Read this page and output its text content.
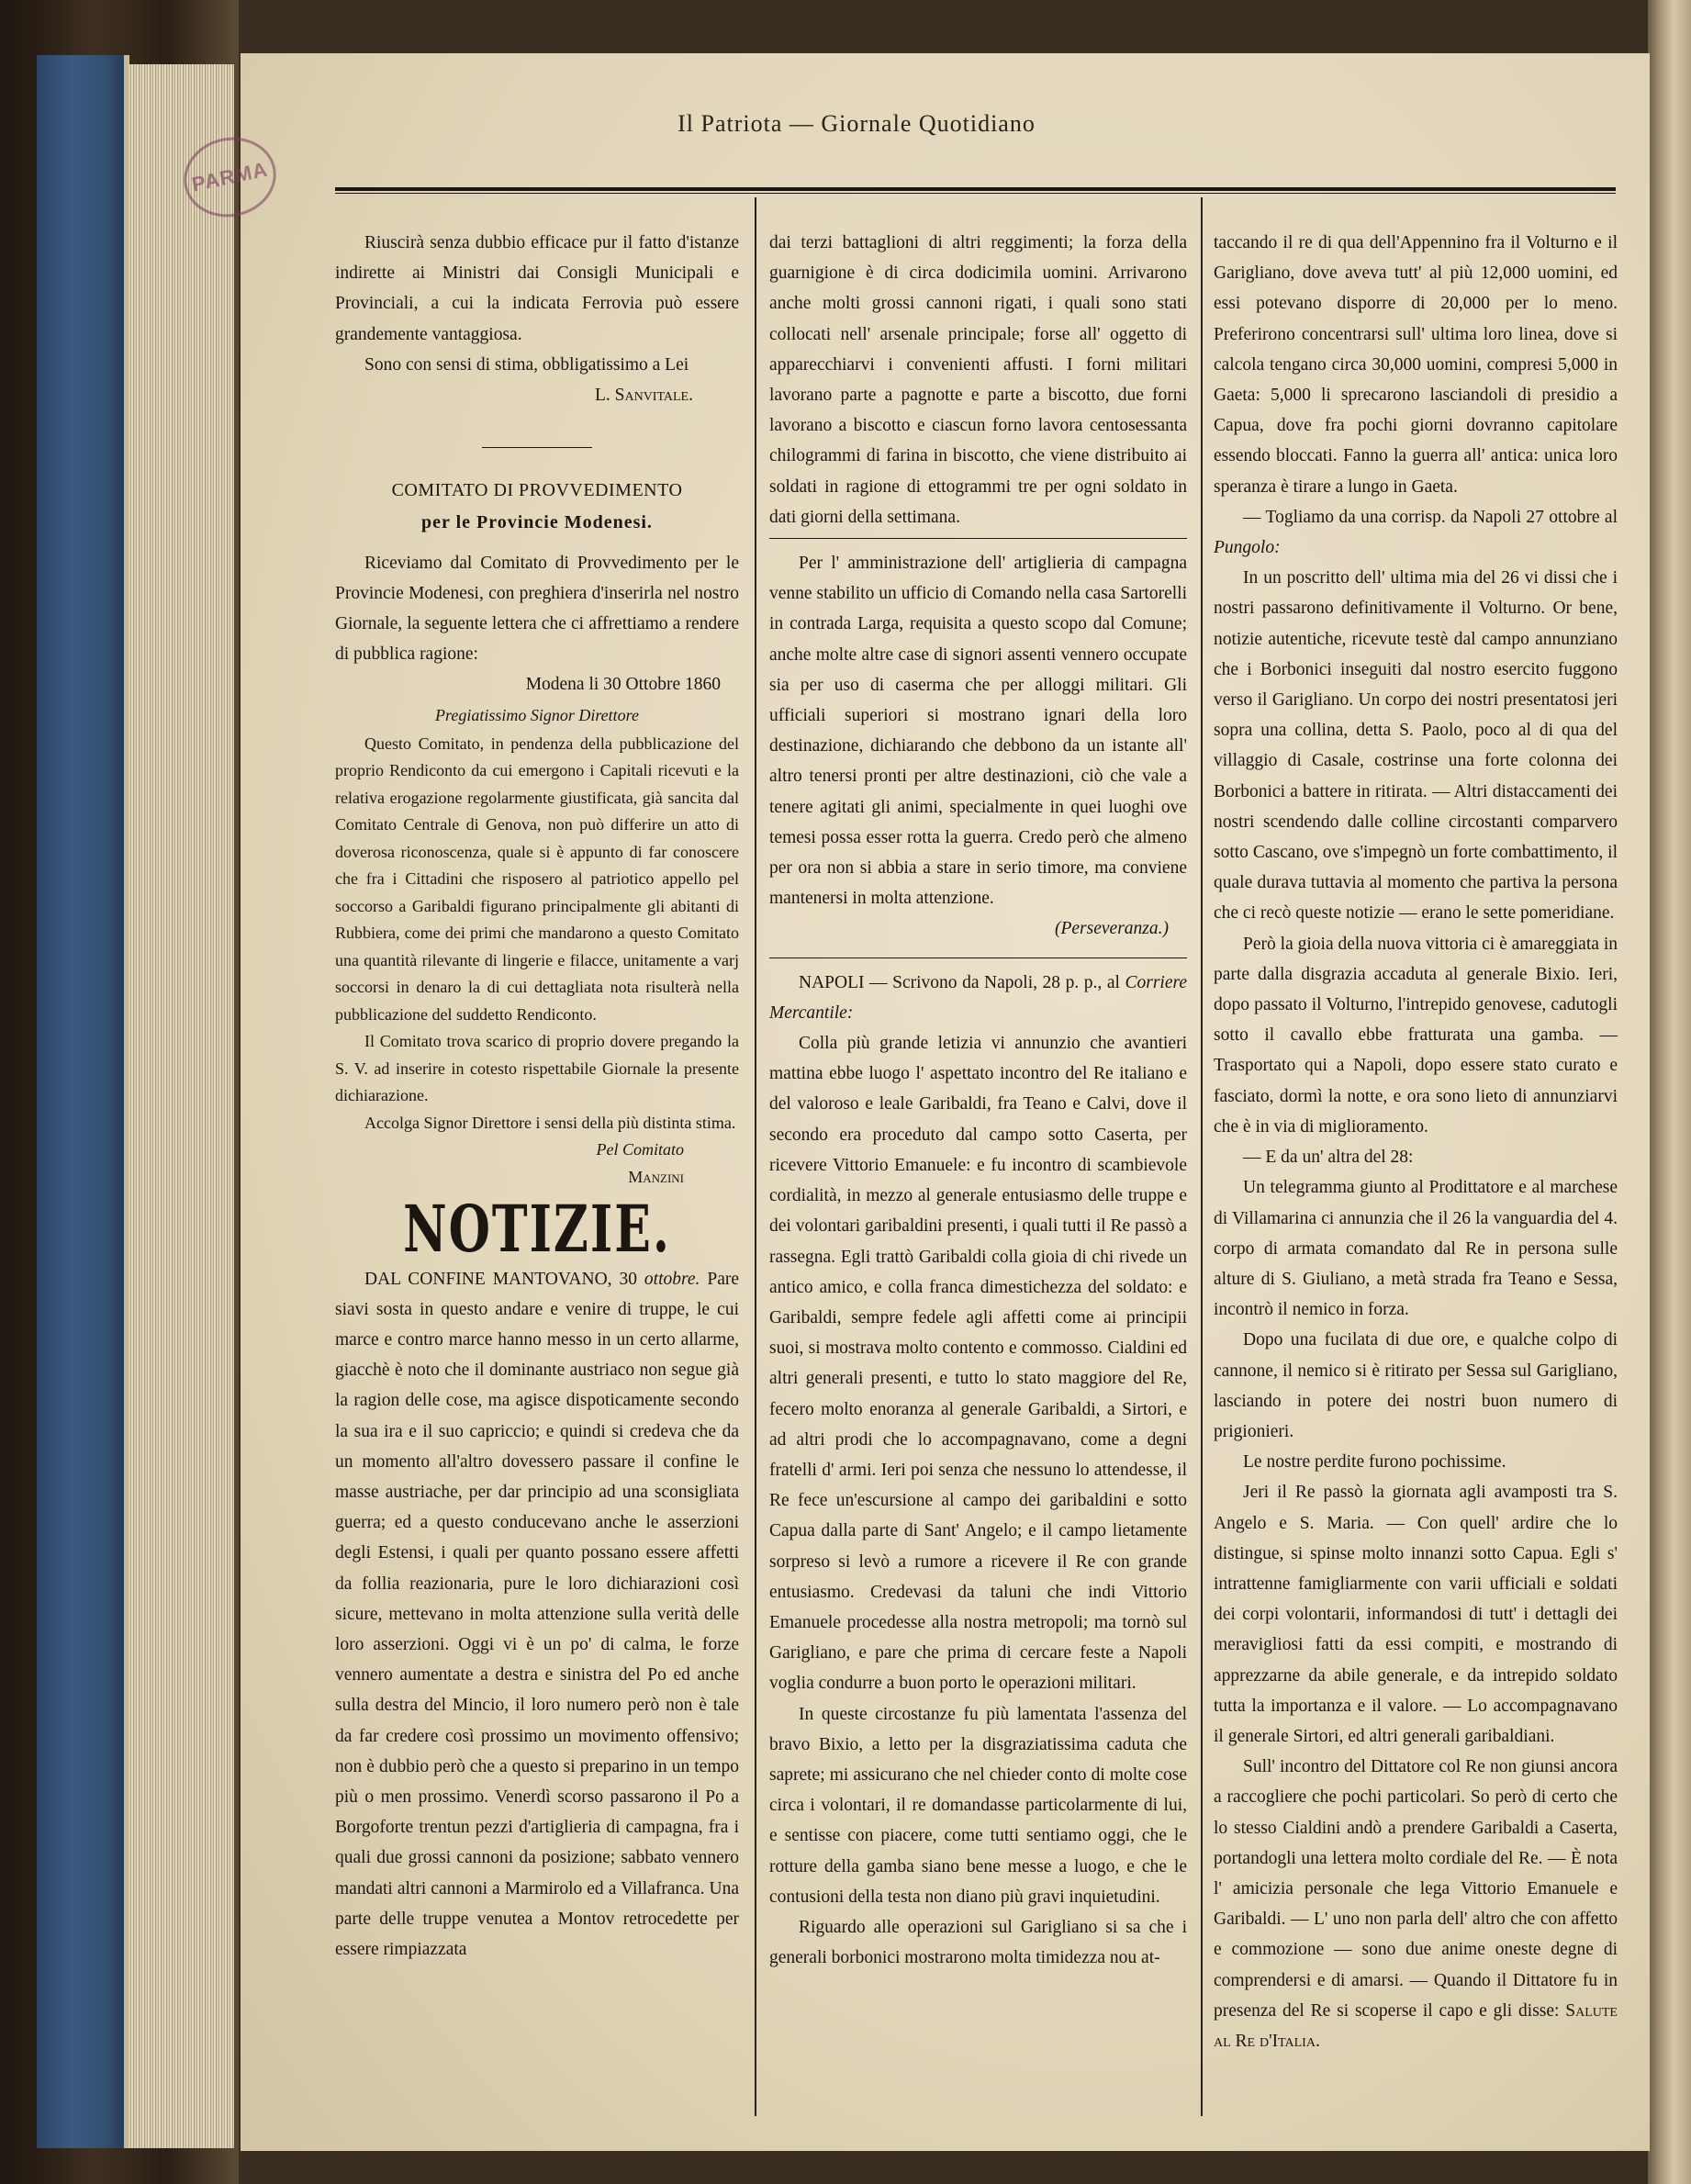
PARMA
Il Patriota — Giornale Quotidiano

Riuscirà senza dubbio efficace pur il fatto d'istanze indirette ai Ministri dai Consigli Municipali e Provinciali, a cui la indicata Ferrovia può essere grandemente vantaggiosa.

Sono con sensi di stima, obbligatissimo a Lei

L. Sanvitale.

COMITATO DI PROVVEDIMENTO
per le Provincie Modenesi.

Riceviamo dal Comitato di Provvedimento per le Provincie Modenesi, con preghiera d'inserirla nel nostro Giornale, la seguente lettera che ci affrettiamo a rendere di pubblica ragione:

Modena li 30 Ottobre 1860

Pregiatissimo Signor Direttore

Questo Comitato, in pendenza della pubblicazione del proprio Rendiconto da cui emergono i Capitali ricevuti e la relativa erogazione regolarmente giustificata, già sancita dal Comitato Centrale di Genova, non può differire un atto di doverosa riconoscenza, quale si è appunto di far conoscere che fra i Cittadini che risposero al patriotico appello pel soccorso a Garibaldi figurano principalmente gli abitanti di Rubbiera, come dei primi che mandarono a questo Comitato una quantità rilevante di lingerie e filacce, unitamente a varj soccorsi in denaro la di cui dettagliata nota risulterà nella pubblicazione del suddetto Rendiconto.

Il Comitato trova scarico di proprio dovere pregando la S. V. ad inserire in cotesto rispettabile Giornale la presente dichiarazione.

Accolga Signor Direttore i sensi della più distinta stima.

Pel Comitato

Manzini

NOTIZIE.

DAL CONFINE MANTOVANO, 30 ottobre. Pare siavi sosta in questo andare e venire di truppe, le cui marce e contro marce hanno messo in un certo allarme, giacchè è noto che il dominante austriaco non segue già la ragion delle cose, ma agisce dispoticamente secondo la sua ira e il suo capriccio; e quindi si credeva che da un momento all'altro dovessero passare il confine le masse austriache, per dar principio ad una sconsigliata guerra; ed a questo conducevano anche le asserzioni degli Estensi, i quali per quanto possano essere affetti da follia reazionaria, pure le loro dichiarazioni così sicure, mettevano in molta attenzione sulla verità delle loro asserzioni. Oggi vi è un po' di calma, le forze vennero aumentate a destra e sinistra del Po ed anche sulla destra del Mincio, il loro numero però non è tale da far credere così prossimo un movimento offensivo; non è dubbio però che a questo si preparino in un tempo più o men prossimo. Venerdì scorso passarono il Po a Borgoforte trentun pezzi d'artiglieria di campagna, fra i quali due grossi cannoni da posizione; sabbato vennero mandati altri cannoni a Marmirolo ed a Villafranca. Una parte delle truppe venutea a Montov retrocedette per essere rimpiazzata

dai terzi battaglioni di altri reggimenti; la forza della guarnigione è di circa dodicimila uomini. Arrivarono anche molti grossi cannoni rigati, i quali sono stati collocati nell' arsenale principale; forse all' oggetto di apparecchiarvi i convenienti affusti. I forni militari lavorano parte a pagnotte e parte a biscotto, due forni lavorano a biscotto e ciascun forno lavora centosessanta chilogrammi di farina in biscotto, che viene distribuito ai soldati in ragione di ettogrammi tre per ogni soldato in dati giorni della settimana.

Per l' amministrazione dell' artiglieria di campagna venne stabilito un ufficio di Comando nella casa Sartorelli in contrada Larga, requisita a questo scopo dal Comune; anche molte altre case di signori assenti vennero occupate sia per uso di caserma che per alloggi militari. Gli ufficiali superiori si mostrano ignari della loro destinazione, dichiarando che debbono da un istante all' altro tenersi pronti per altre destinazioni, ciò che vale a tenere agitati gli animi, specialmente in quei luoghi ove temesi possa esser rotta la guerra. Credo però che almeno per ora non si abbia a stare in serio timore, ma conviene mantenersi in molta attenzione.

(Perseveranza.)

NAPOLI — Scrivono da Napoli, 28 p. p., al Corriere Mercantile:

Colla più grande letizia vi annunzio che avantieri mattina ebbe luogo l' aspettato incontro del Re italiano e del valoroso e leale Garibaldi, fra Teano e Calvi, dove il secondo era proceduto dal campo sotto Caserta, per ricevere Vittorio Emanuele: e fu incontro di scambievole cordialità, in mezzo al generale entusiasmo delle truppe e dei volontari garibaldini presenti, i quali tutti il Re passò a rassegna. Egli trattò Garibaldi colla gioia di chi rivede un antico amico, e colla franca dimestichezza del soldato: e Garibaldi, sempre fedele agli affetti come ai principii suoi, si mostrava molto contento e commosso. Cialdini ed altri generali presenti, e tutto lo stato maggiore del Re, fecero molto enoranza al generale Garibaldi, a Sirtori, e ad altri prodi che lo accompagnavano, come a degni fratelli d' armi. Ieri poi senza che nessuno lo attendesse, il Re fece un'escursione al campo dei garibaldini e sotto Capua dalla parte di Sant' Angelo; e il campo lietamente sorpreso si levò a rumore a ricevere il Re con grande entusiasmo. Credevasi da taluni che indi Vittorio Emanuele procedesse alla nostra metropoli; ma tornò sul Garigliano, e pare che prima di cercare feste a Napoli voglia condurre a buon porto le operazioni militari.

In queste circostanze fu più lamentata l'assenza del bravo Bixio, a letto per la disgraziatissima caduta che saprete; mi assicurano che nel chieder conto di molte cose circa i volontari, il re domandasse particolarmente di lui, e sentisse con piacere, come tutti sentiamo oggi, che le rotture della gamba siano bene messe a luogo, e che le contusioni della testa non diano più gravi inquietudini.

Riguardo alle operazioni sul Garigliano si sa che i generali borbonici mostrarono molta timidezza nou at-

taccando il re di qua dell'Appennino fra il Volturno e il Garigliano, dove aveva tutt' al più 12,000 uomini, ed essi potevano disporre di 20,000 per lo meno. Preferirono concentrarsi sull' ultima loro linea, dove si calcola tengano circa 30,000 uomini, compresi 5,000 in Gaeta: 5,000 li sprecarono lasciandoli di presidio a Capua, dove fra pochi giorni dovranno capitolare essendo bloccati. Fanno la guerra all' antica: unica loro speranza è tirare a lungo in Gaeta.

— Togliamo da una corrisp. da Napoli 27 ottobre al Pungolo:

In un poscritto dell' ultima mia del 26 vi dissi che i nostri passarono definitivamente il Volturno. Or bene, notizie autentiche, ricevute testè dal campo annunziano che i Borbonici inseguiti dal nostro esercito fuggono verso il Garigliano. Un corpo dei nostri presentatosi jeri sopra una collina, detta S. Paolo, poco al di qua del villaggio di Casale, costrinse una forte colonna dei Borbonici a battere in ritirata. — Altri distaccamenti dei nostri scendendo dalle colline circostanti comparvero sotto Cascano, ove s'impegnò un forte combattimento, il quale durava tuttavia al momento che partiva la persona che ci recò queste notizie — erano le sette pomeridiane.

Però la gioia della nuova vittoria ci è amareggiata in parte dalla disgrazia accaduta al generale Bixio. Ieri, dopo passato il Volturno, l'intrepido genovese, cadutogli sotto il cavallo ebbe fratturata una gamba. — Trasportato qui a Napoli, dopo essere stato curato e fasciato, dormì la notte, e ora sono lieto di annunziarvi che è in via di miglioramento.

— E da un' altra del 28:

Un telegramma giunto al Prodittatore e al marchese di Villamarina ci annunzia che il 26 la vanguardia del 4. corpo di armata comandato dal Re in persona sulle alture di S. Giuliano, a metà strada fra Teano e Sessa, incontrò il nemico in forza.

Dopo una fucilata di due ore, e qualche colpo di cannone, il nemico si è ritirato per Sessa sul Garigliano, lasciando in potere dei nostri buon numero di prigionieri.

Le nostre perdite furono pochissime.

Jeri il Re passò la giornata agli avamposti tra S. Angelo e S. Maria. — Con quell' ardire che lo distingue, si spinse molto innanzi sotto Capua. Egli s' intrattenne famigliarmente con varii ufficiali e soldati dei corpi volontarii, informandosi di tutt' i dettagli dei meravigliosi fatti da essi compiti, e mostrando di apprezzarne da abile generale, e da intrepido soldato tutta la importanza e il valore. — Lo accompagnavano il generale Sirtori, ed altri generali garibaldiani.

Sull' incontro del Dittatore col Re non giunsi ancora a raccogliere che pochi particolari. So però di certo che lo stesso Cialdini andò a prendere Garibaldi a Caserta, portandogli una lettera molto cordiale del Re. — È nota l' amicizia personale che lega Vittorio Emanuele e Garibaldi. — L' uno non parla dell' altro che con affetto e commozione — sono due anime oneste degne di comprendersi e di amarsi. — Quando il Dittatore fu in presenza del Re si scoperse il capo e gli disse: Salute al Re d'Italia.
